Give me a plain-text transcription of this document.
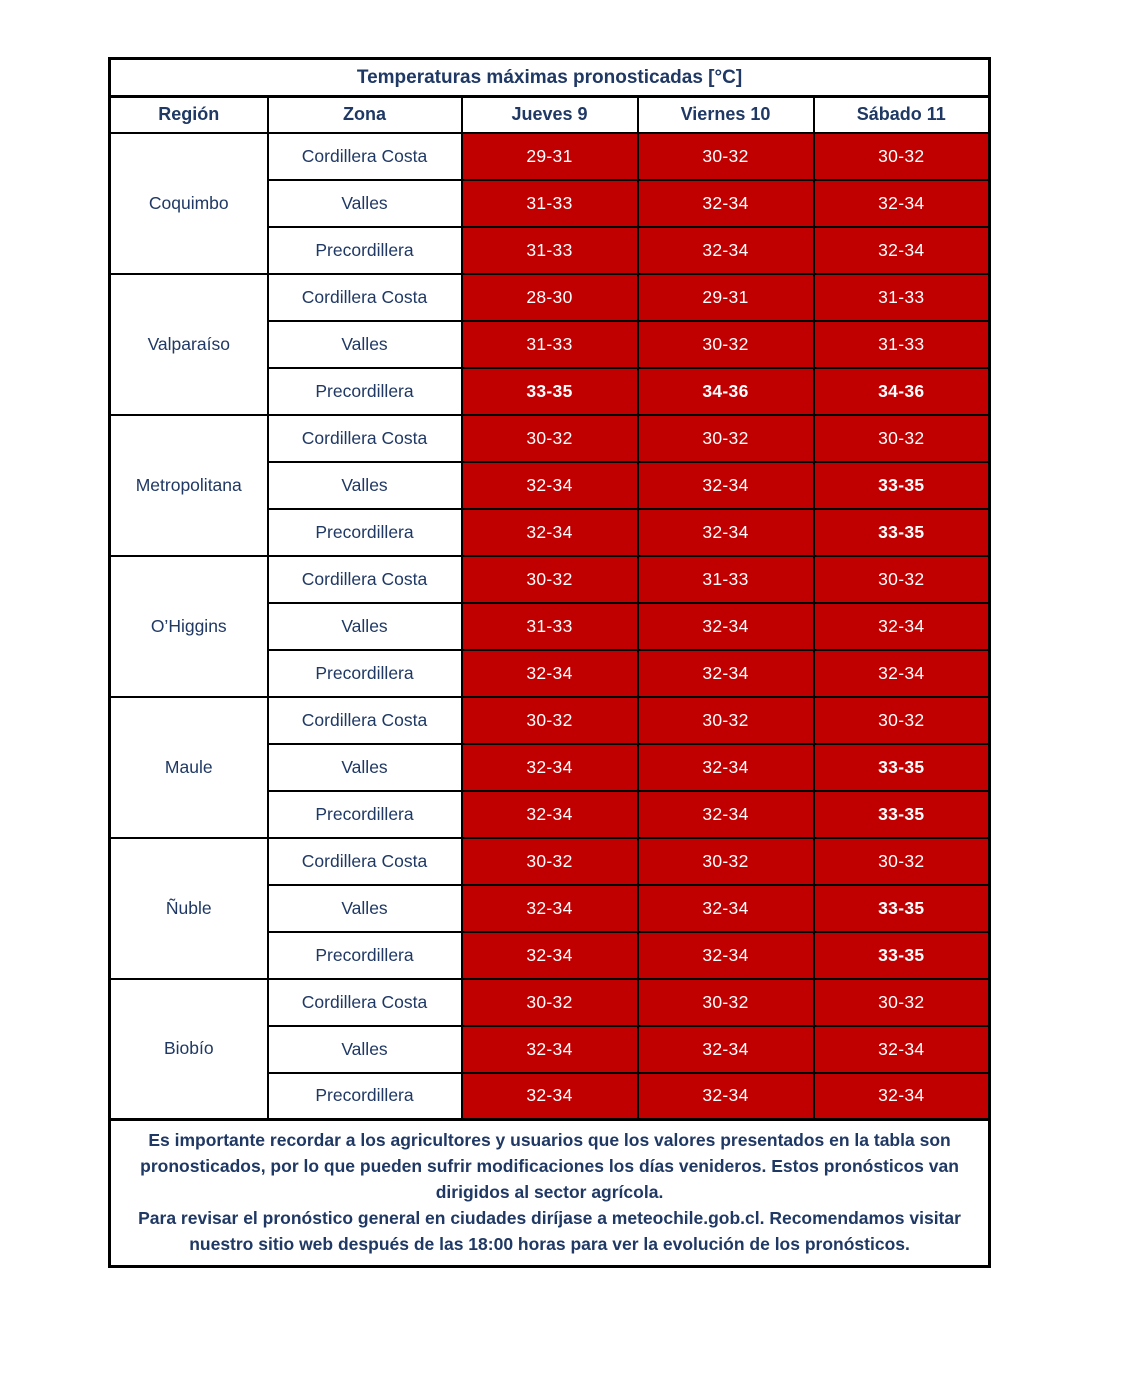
Temperaturas máximas pronosticadas [°C]				
Región	Zona	Jueves 9	Viernes 10	Sábado 11
Coquimbo	Cordillera Costa	29-31	30-32	30-32
	Valles	31-33	32-34	32-34
	Precordillera	31-33	32-34	32-34
Valparaíso	Cordillera Costa	28-30	29-31	31-33
	Valles	31-33	30-32	31-33
	Precordillera	33-35	34-36	34-36
Metropolitana	Cordillera Costa	30-32	30-32	30-32
	Valles	32-34	32-34	33-35
	Precordillera	32-34	32-34	33-35
O’Higgins	Cordillera Costa	30-32	31-33	30-32
	Valles	31-33	32-34	32-34
	Precordillera	32-34	32-34	32-34
Maule	Cordillera Costa	30-32	30-32	30-32
	Valles	32-34	32-34	33-35
	Precordillera	32-34	32-34	33-35
Ñuble	Cordillera Costa	30-32	30-32	30-32
	Valles	32-34	32-34	33-35
	Precordillera	32-34	32-34	33-35
Biobío	Cordillera Costa	30-32	30-32	30-32
	Valles	32-34	32-34	32-34
	Precordillera	32-34	32-34	32-34

Es importante recordar a los agricultores y usuarios que los valores presentados en la tabla son pronosticados, por lo que pueden sufrir modificaciones los días venideros. Estos pronósticos van dirigidos al sector agrícola.

Para revisar el pronóstico general en ciudades diríjase a meteochile.gob.cl. Recomendamos visitar nuestro sitio web después de las 18:00 horas para ver la evolución de los pronósticos.				
